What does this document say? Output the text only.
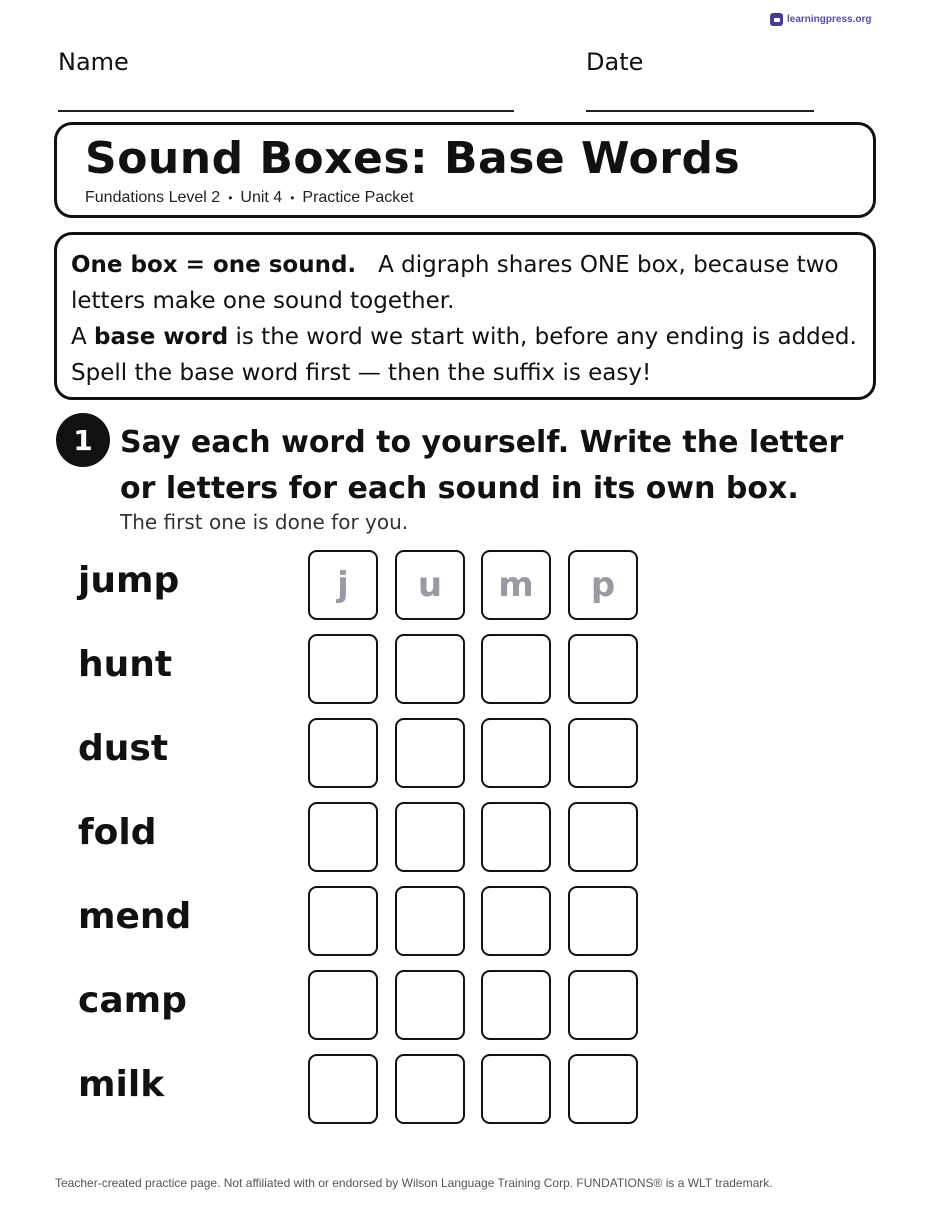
learningpress.org
Name	Date
Sound Boxes: Base Words
Fundations Level 2 • Unit 4 • Practice Packet

One box = one sound. A digraph shares ONE box, because two letters make one sound together.

A base word is the word we start with, before any ending is added. Spell the base word first — then the suffix is easy!

1 Say each word to yourself. Write the letter or letters for each sound in its own box.

The first one is done for you.
jump	j	u	m	p
hunt
dust
fold
mend
camp
milk
Teacher-created practice page. Not affiliated with or endorsed by Wilson Language Training Corp. FUNDATIONS® is a WLT trademark.
